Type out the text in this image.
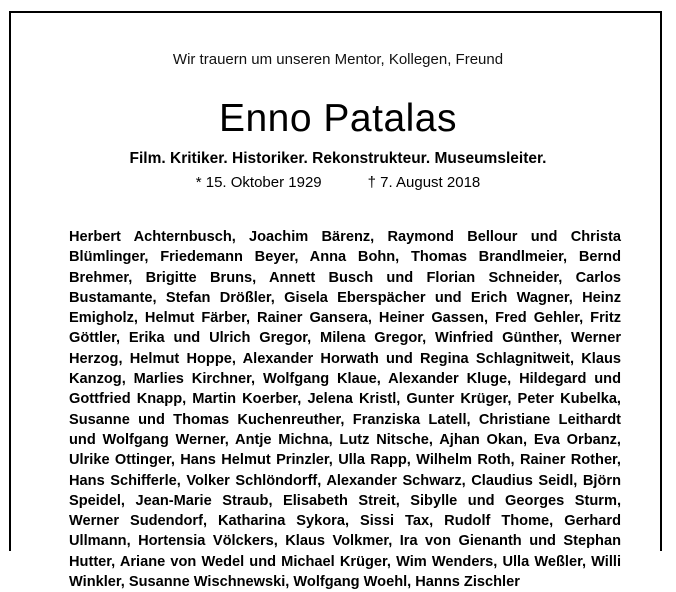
Wir trauern um unseren Mentor, Kollegen, Freund
Enno Patalas
Film. Kritiker. Historiker. Rekonstrukteur. Museumsleiter.
* 15. Oktober 1929	† 7. August 2018
Herbert Achternbusch, Joachim Bärenz, Raymond Bellour und Christa Blümlinger, Friedemann Beyer, Anna Bohn, Thomas Brandlmeier, Bernd Brehmer, Brigitte Bruns, Annett Busch und Florian Schneider, Carlos Bustamante, Stefan Drößler, Gisela Eberspächer und Erich Wagner, Heinz Emigholz, Helmut Färber, Rainer Gansera, Heiner Gassen, Fred Gehler, Fritz Göttler, Erika und Ulrich Gregor, Milena Gregor, Winfried Günther, Werner Herzog, Helmut Hoppe, Alexander Horwath und Regina Schlagnitweit, Klaus Kanzog, Marlies Kirchner, Wolfgang Klaue, Alexander Kluge, Hildegard und Gottfried Knapp, Martin Koerber, Jelena Kristl, Gunter Krüger, Peter Kubelka, Susanne und Thomas Kuchenreuther, Franziska Latell, Christiane Leithardt und Wolfgang Werner, Antje Michna, Lutz Nitsche, Ajhan Okan, Eva Orbanz, Ulrike Ottinger, Hans Helmut Prinzler, Ulla Rapp, Wilhelm Roth, Rainer Rother, Hans Schifferle, Volker Schlöndorff, Alexander Schwarz, Claudius Seidl, Björn Speidel, Jean-Marie Straub, Elisabeth Streit, Sibylle und Georges Sturm, Werner Sudendorf, Katharina Sykora, Sissi Tax, Rudolf Thome, Gerhard Ullmann, Hortensia Völckers, Klaus Volkmer, Ira von Gienanth und Stephan Hutter, Ariane von Wedel und Michael Krüger, Wim Wenders, Ulla Weßler, Willi Winkler, Susanne Wischnewski, Wolfgang Woehl, Hanns Zischler
